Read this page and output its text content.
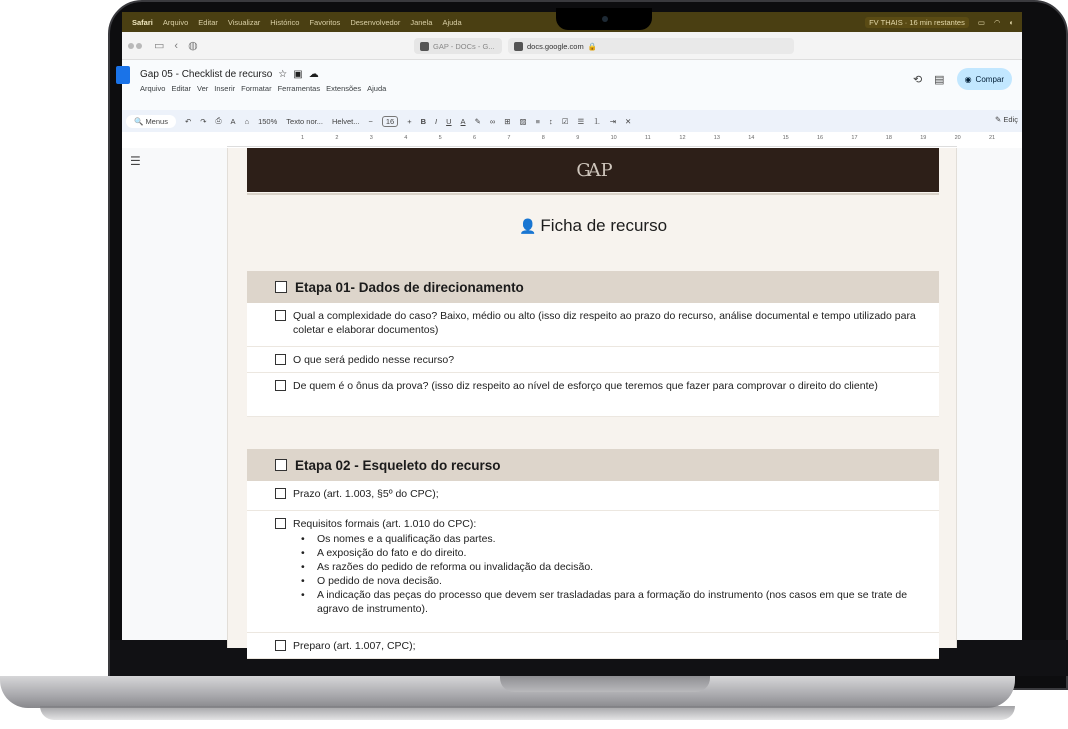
Safari Arquivo Editar Visualizar Histórico Favoritos Desenvolvedor Janela Ajuda	FV THAIS · 16 min restantes	▭ ◠ ◐
▭ ‹ ◍	GAP - DOCs - G...	docs.google.com 🔒
Gap 05 - Checklist de recurso ☆ ▣ ☁
Arquivo Editar Ver Inserir Formatar Ferramentas Extensões Ajuda
⟲ ▤	◉ Compar
🔍 Menus	↶ ↷ ⎙ A ⌂ 150% Texto nor... Helvet... −	16	+ B I U A ✎ ∞ ⊞ ▨ ≡ ↕ ☑ ☰ ⒈ ⇥ ✕	✎ Ediç
1	2	3	4	5	6	7	8	9	10	11	12	13	14	15	16	17	18	19	20	21
☰	GA P
👤 Ficha de recurso
Etapa 01- Dados de direcionamento
Qual a complexidade do caso? Baixo, médio ou alto (isso diz respeito ao prazo do recurso, análise documental e tempo utilizado para coletar e elaborar documentos)
O que será pedido nesse recurso?
De quem é o ônus da prova? (isso diz respeito ao nível de esforço que teremos que fazer para comprovar o direito do cliente)
Etapa 02 - Esqueleto do recurso
Prazo (art. 1.003, §5º do CPC);
Requisitos formais (art. 1.010 do CPC):
• Os nomes e a qualificação das partes.
• A exposição do fato e do direito.
• As razões do pedido de reforma ou invalidação da decisão.
• O pedido de nova decisão.
• A indicação das peças do processo que devem ser trasladadas para a formação do instrumento (nos casos em que se trate de agravo de instrumento).
Preparo (art. 1.007, CPC);
